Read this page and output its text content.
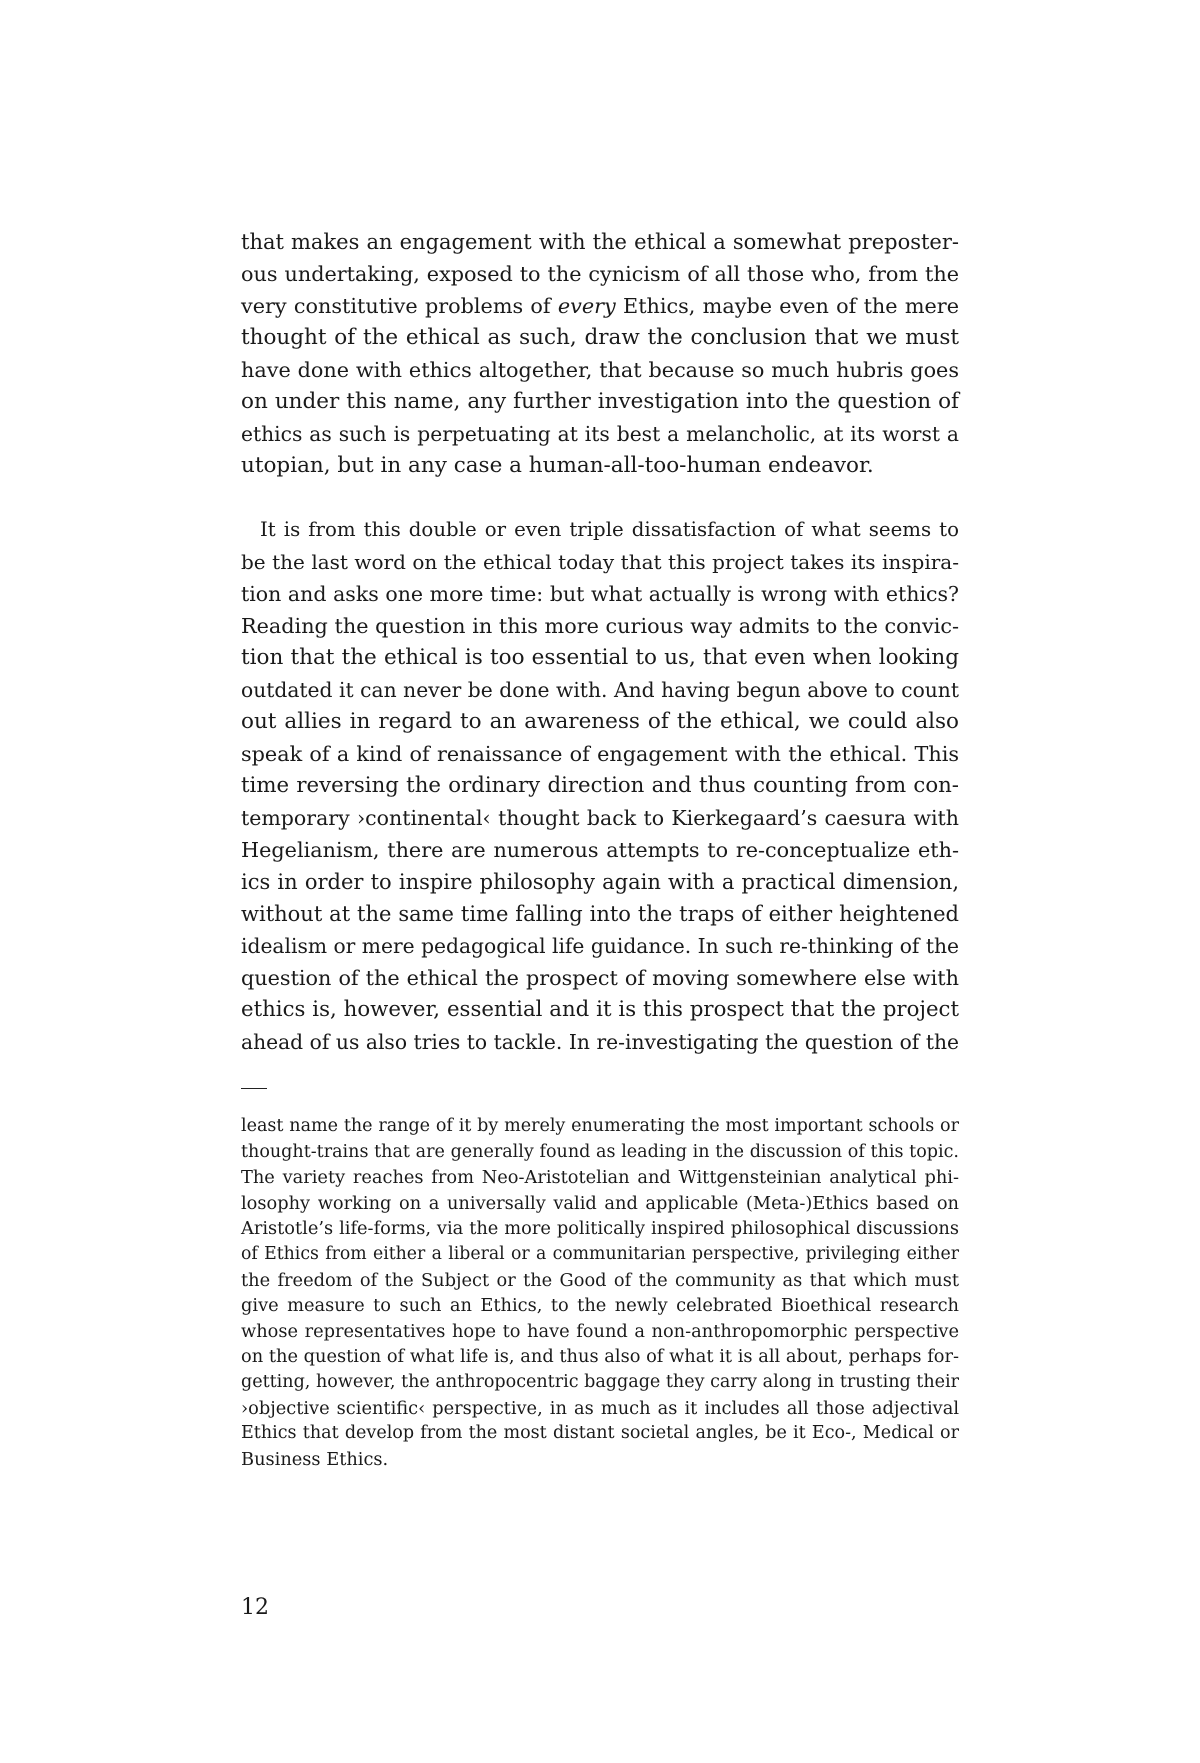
that makes an engagement with the ethical a somewhat preposter-
ous undertaking, exposed to the cynicism of all those who, from the
very constitutive problems of every Ethics, maybe even of the mere
thought of the ethical as such, draw the conclusion that we must
have done with ethics altogether, that because so much hubris goes
on under this name, any further investigation into the question of
ethics as such is perpetuating at its best a melancholic, at its worst a
utopian, but in any case a human-all-too-human endeavor.
It is from this double or even triple dissatisfaction of what seems to
be the last word on the ethical today that this project takes its inspira-
tion and asks one more time: but what actually is wrong with ethics?
Reading the question in this more curious way admits to the convic-
tion that the ethical is too essential to us, that even when looking
outdated it can never be done with. And having begun above to count
out allies in regard to an awareness of the ethical, we could also
speak of a kind of renaissance of engagement with the ethical. This
time reversing the ordinary direction and thus counting from con-
temporary ›continental‹ thought back to Kierkegaard’s caesura with
Hegelianism, there are numerous attempts to re-conceptualize eth-
ics in order to inspire philosophy again with a practical dimension,
without at the same time falling into the traps of either heightened
idealism or mere pedagogical life guidance. In such re-thinking of the
question of the ethical the prospect of moving somewhere else with
ethics is, however, essential and it is this prospect that the project
ahead of us also tries to tackle. In re-investigating the question of the
least name the range of it by merely enumerating the most important schools or
thought-trains that are generally found as leading in the discussion of this topic.
The variety reaches from Neo-Aristotelian and Wittgensteinian analytical phi-
losophy working on a universally valid and applicable (Meta-)Ethics based on
Aristotle’s life-forms, via the more politically inspired philosophical discussions
of Ethics from either a liberal or a communitarian perspective, privileging either
the freedom of the Subject or the Good of the community as that which must
give measure to such an Ethics, to the newly celebrated Bioethical research
whose representatives hope to have found a non-anthropomorphic perspective
on the question of what life is, and thus also of what it is all about, perhaps for-
getting, however, the anthropocentric baggage they carry along in trusting their
›objective scientific‹ perspective, in as much as it includes all those adjectival
Ethics that develop from the most distant societal angles, be it Eco-, Medical or
Business Ethics.
12
